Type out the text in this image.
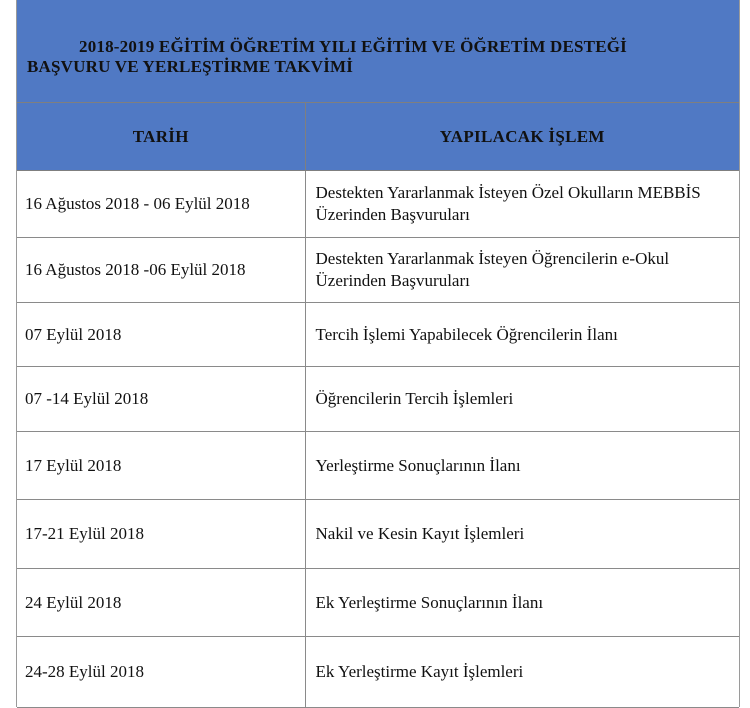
2018-2019 EĞİTİM ÖĞRETİM YILI EĞİTİM VE ÖĞRETİM DESTEĞİ
BAŞVURU VE YERLEŞTİRME TAKVİMİ
TARİH	YAPILACAK İŞLEM
16 Ağustos 2018 - 06 Eylül 2018	Destekten Yararlanmak İsteyen Özel Okulların MEBBİS Üzerinden Başvuruları
16 Ağustos 2018 -06 Eylül 2018	Destekten Yararlanmak İsteyen Öğrencilerin e-Okul Üzerinden Başvuruları
07 Eylül 2018	Tercih İşlemi Yapabilecek Öğrencilerin İlanı
07 -14 Eylül 2018	Öğrencilerin Tercih İşlemleri
17 Eylül 2018	Yerleştirme Sonuçlarının İlanı
17-21 Eylül 2018	Nakil ve Kesin Kayıt İşlemleri
24 Eylül 2018	Ek Yerleştirme Sonuçlarının İlanı
24-28 Eylül 2018	Ek Yerleştirme Kayıt İşlemleri
